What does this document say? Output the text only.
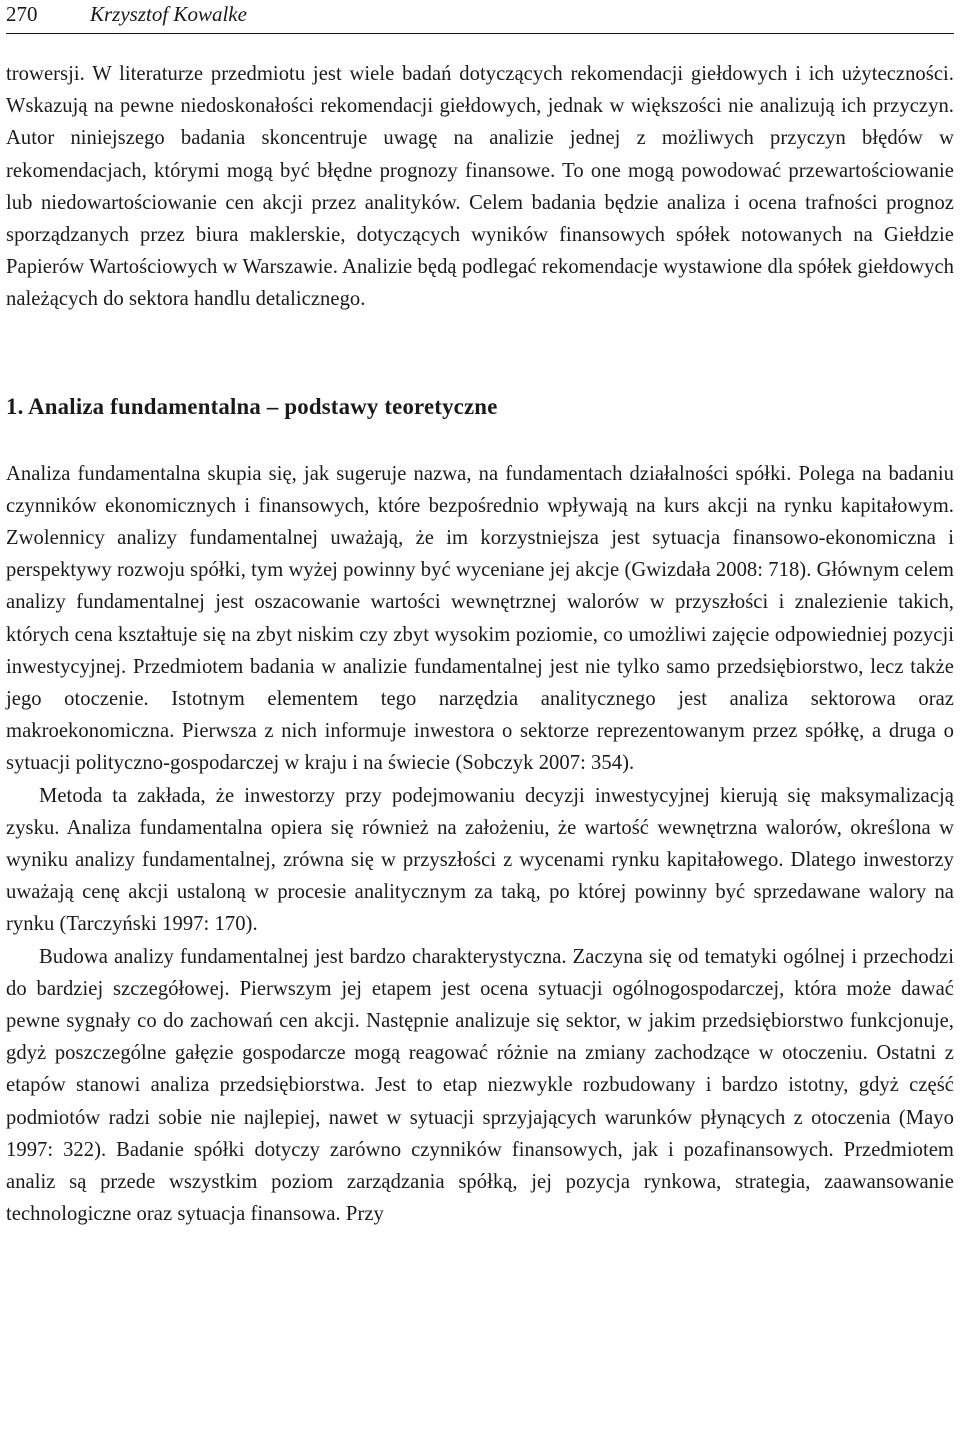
270	Krzysztof Kowalke

trowersji. W literaturze przedmiotu jest wiele badań dotyczących rekomendacji giełdowych i ich użyteczności. Wskazują na pewne niedoskonałości rekomendacji giełdowych, jednak w większości nie analizują ich przyczyn. Autor niniejszego badania skoncentruje uwagę na analizie jednej z możliwych przyczyn błędów w rekomendacjach, którymi mogą być błędne prognozy finansowe. To one mogą powodować przewartościowanie lub niedowartościowanie cen akcji przez analityków. Celem badania będzie analiza i ocena trafności prognoz sporządzanych przez biura maklerskie, dotyczących wyników finansowych spółek notowanych na Giełdzie Papierów Wartościowych w Warszawie. Analizie będą podlegać rekomendacje wystawione dla spółek giełdowych należących do sektora handlu detalicznego.

1. Analiza fundamentalna – podstawy teoretyczne

Analiza fundamentalna skupia się, jak sugeruje nazwa, na fundamentach działalności spółki. Polega na badaniu czynników ekonomicznych i finansowych, które bezpośrednio wpływają na kurs akcji na rynku kapitałowym. Zwolennicy analizy fundamentalnej uważają, że im korzystniejsza jest sytuacja finansowo-ekonomiczna i perspektywy rozwoju spółki, tym wyżej powinny być wyceniane jej akcje (Gwizdała 2008: 718). Głównym celem analizy fundamentalnej jest oszacowanie wartości wewnętrznej walorów w przyszłości i znalezienie takich, których cena kształtuje się na zbyt niskim czy zbyt wysokim poziomie, co umożliwi zajęcie odpowiedniej pozycji inwestycyjnej. Przedmiotem badania w analizie fundamentalnej jest nie tylko samo przedsiębiorstwo, lecz także jego otoczenie. Istotnym elementem tego narzędzia analitycznego jest analiza sektorowa oraz makroekonomiczna. Pierwsza z nich informuje inwestora o sektorze reprezentowanym przez spółkę, a druga o sytuacji polityczno-gospodarczej w kraju i na świecie (Sobczyk 2007: 354).

Metoda ta zakłada, że inwestorzy przy podejmowaniu decyzji inwestycyjnej kierują się maksymalizacją zysku. Analiza fundamentalna opiera się również na założeniu, że wartość wewnętrzna walorów, określona w wyniku analizy fundamentalnej, zrówna się w przyszłości z wycenami rynku kapitałowego. Dlatego inwestorzy uważają cenę akcji ustaloną w procesie analitycznym za taką, po której powinny być sprzedawane walory na rynku (Tarczyński 1997: 170).

Budowa analizy fundamentalnej jest bardzo charakterystyczna. Zaczyna się od tematyki ogólnej i przechodzi do bardziej szczegółowej. Pierwszym jej etapem jest ocena sytuacji ogólnogospodarczej, która może dawać pewne sygnały co do zachowań cen akcji. Następnie analizuje się sektor, w jakim przedsiębiorstwo funkcjonuje, gdyż poszczególne gałęzie gospodarcze mogą reagować różnie na zmiany zachodzące w otoczeniu. Ostatni z etapów stanowi analiza przedsiębiorstwa. Jest to etap niezwykle rozbudowany i bardzo istotny, gdyż część podmiotów radzi sobie nie najlepiej, nawet w sytuacji sprzyjających warunków płynących z otoczenia (Mayo 1997: 322). Badanie spółki dotyczy zarówno czynników finansowych, jak i pozafinansowych. Przedmiotem analiz są przede wszystkim poziom zarządzania spółką, jej pozycja rynkowa, strategia, zaawansowanie technologiczne oraz sytuacja finansowa. Przy
